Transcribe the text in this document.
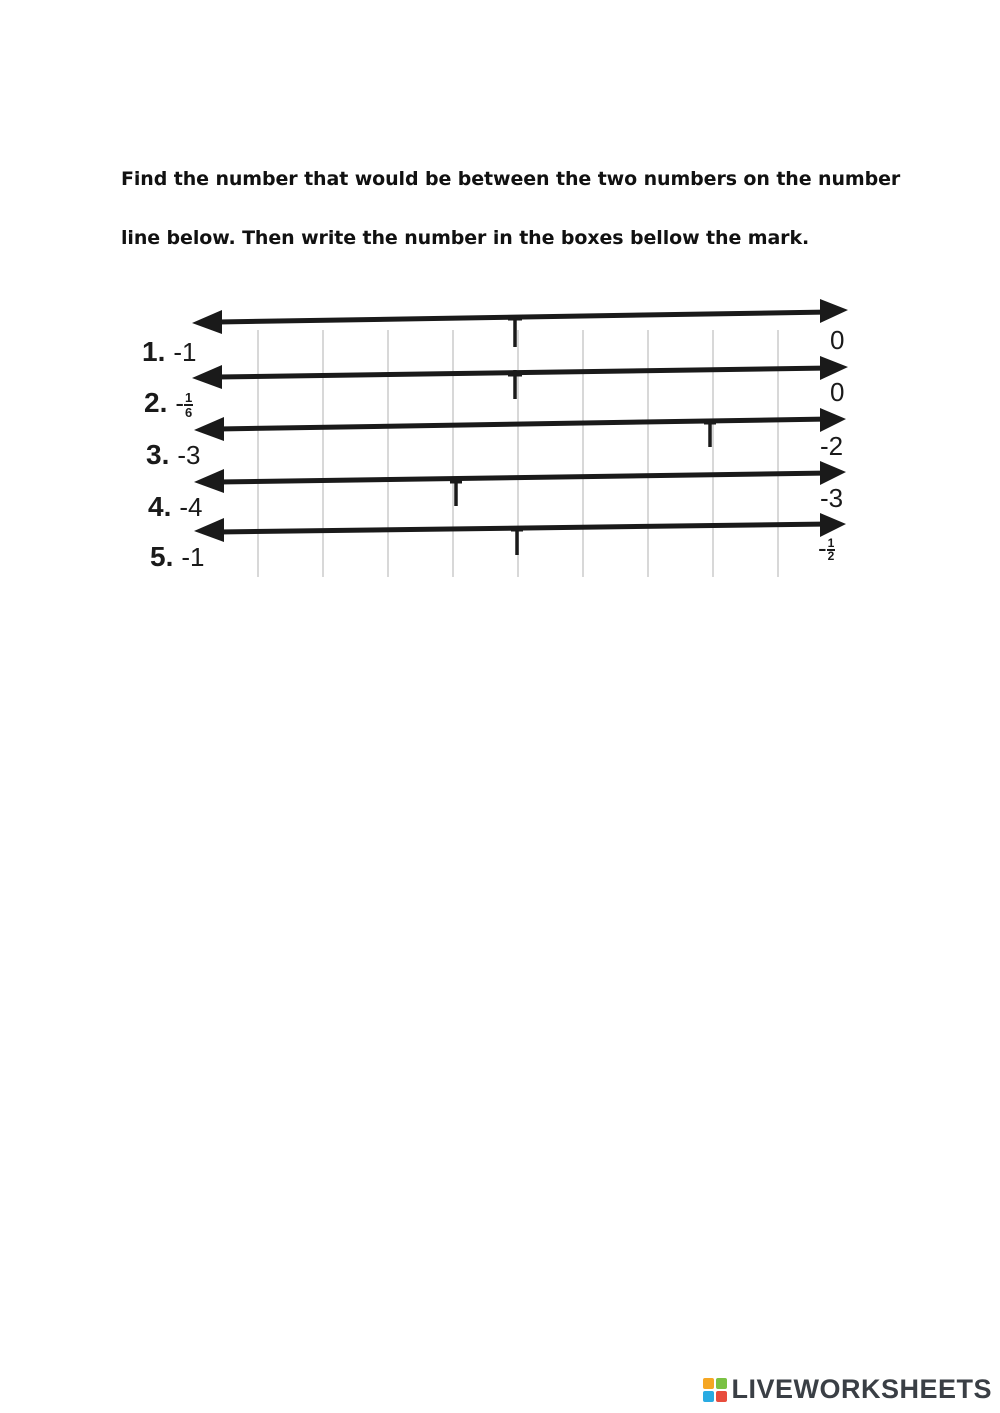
Find the number that would be between the two numbers on the number
line below. Then write the number in the boxes bellow the mark.
1. -1
2. - $\frac{1}{6}$
3. -3
4. -4
5. -1
0
0
-2
-3
- $\frac{1}{2}$
LIVEWORKSHEETS
